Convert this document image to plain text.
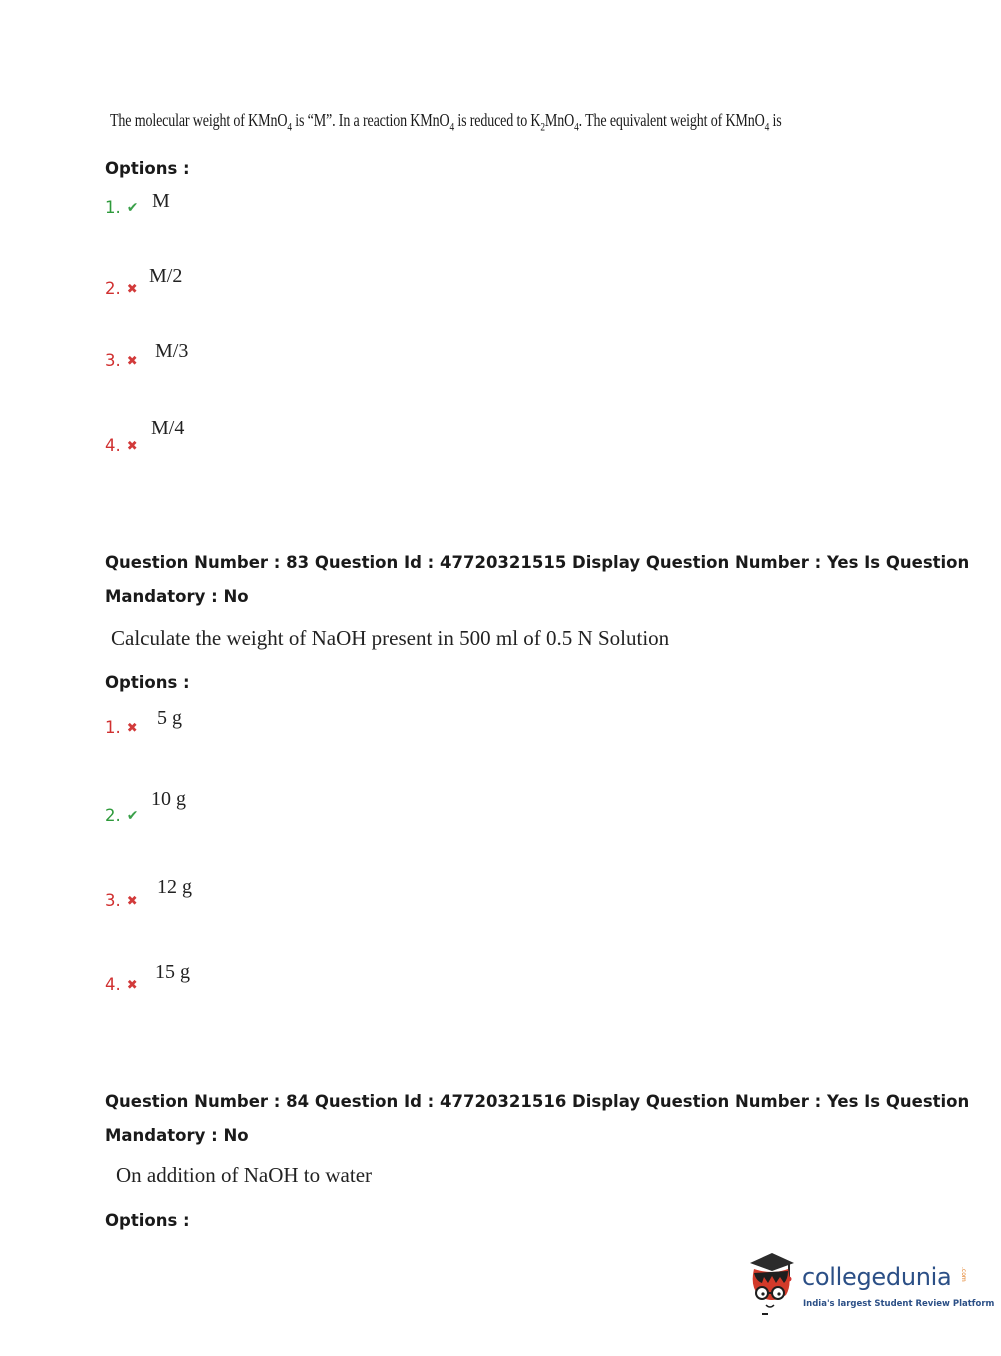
The molecular weight of KMnO$_4$ is “M”. In a reaction KMnO$_4$ is reduced to $K_2MnO_4$. The equivalent weight of KMnO$_4$ is
Options :
1. ✔ M
2. ✖
M/2
3. ✖ M/3
4. ✖
M/4
Question Number : 83 Question Id : 47720321515 Display Question Number : Yes Is Question
Mandatory : No
Calculate the weight of NaOH present in 500 ml of 0.5 N Solution
Options :
1. ✖ 5 g
2. ✔
10 g
3. ✖
12 g
4. ✖
15 g
Question Number : 84 Question Id : 47720321516 Display Question Number : Yes Is Question
Mandatory : No
On addition of NaOH to water
Options :
collegedunia .com
India's largest Student Review Platform
